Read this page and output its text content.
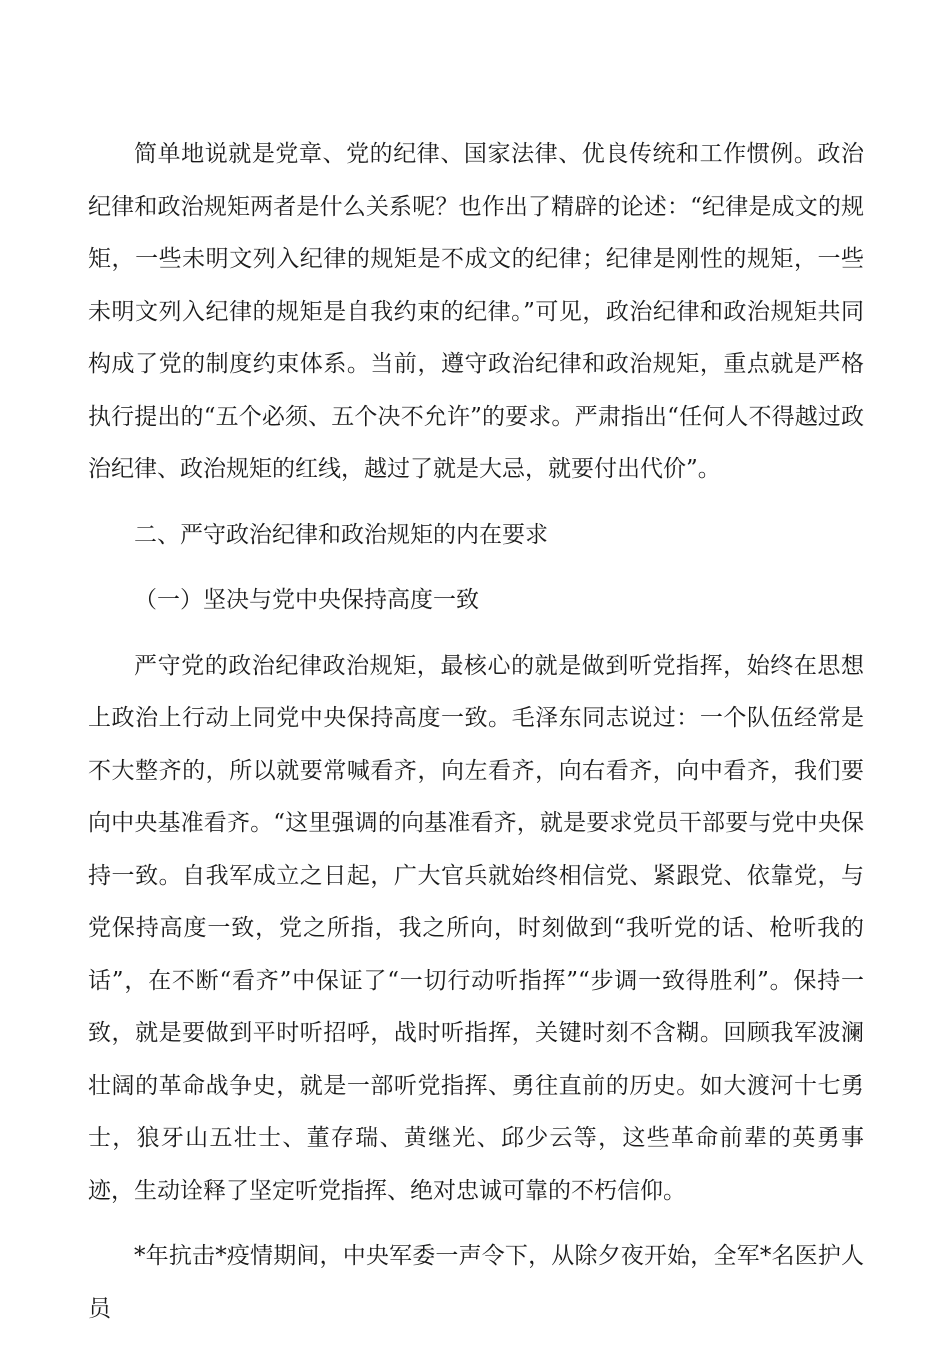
简单地说就是党章、党的纪律、国家法律、优良传统和工作惯例。政治纪律和政治规矩两者是什么关系呢？也作出了精辟的论述：“纪律是成文的规矩，一些未明文列入纪律的规矩是不成文的纪律；纪律是刚性的规矩，一些未明文列入纪律的规矩是自我约束的纪律。”可见，政治纪律和政治规矩共同构成了党的制度约束体系。当前，遵守政治纪律和政治规矩，重点就是严格执行提出的“五个必须、五个决不允许”的要求。严肃指出“任何人不得越过政治纪律、政治规矩的红线，越过了就是大忌，就要付出代价”。

二、严守政治纪律和政治规矩的内在要求

（一）坚决与党中央保持高度一致

严守党的政治纪律政治规矩，最核心的就是做到听党指挥，始终在思想上政治上行动上同党中央保持高度一致。毛泽东同志说过：一个队伍经常是不大整齐的，所以就要常喊看齐，向左看齐，向右看齐，向中看齐，我们要向中央基准看齐。“这里强调的向基准看齐，就是要求党员干部要与党中央保持一致。自我军成立之日起，广大官兵就始终相信党、紧跟党、依靠党，与党保持高度一致，党之所指，我之所向，时刻做到“我听党的话、枪听我的话”，在不断“看齐”中保证了“一切行动听指挥”“步调一致得胜利”。保持一致，就是要做到平时听招呼，战时听指挥，关键时刻不含糊。回顾我军波澜壮阔的革命战争史，就是一部听党指挥、勇往直前的历史。如大渡河十七勇士，狼牙山五壮士、董存瑞、黄继光、邱少云等，这些革命前辈的英勇事迹，生动诠释了坚定听党指挥、绝对忠诚可靠的不朽信仰。

*年抗击*疫情期间，中央军委一声令下，从除夕夜开始，全军*名医护人员
